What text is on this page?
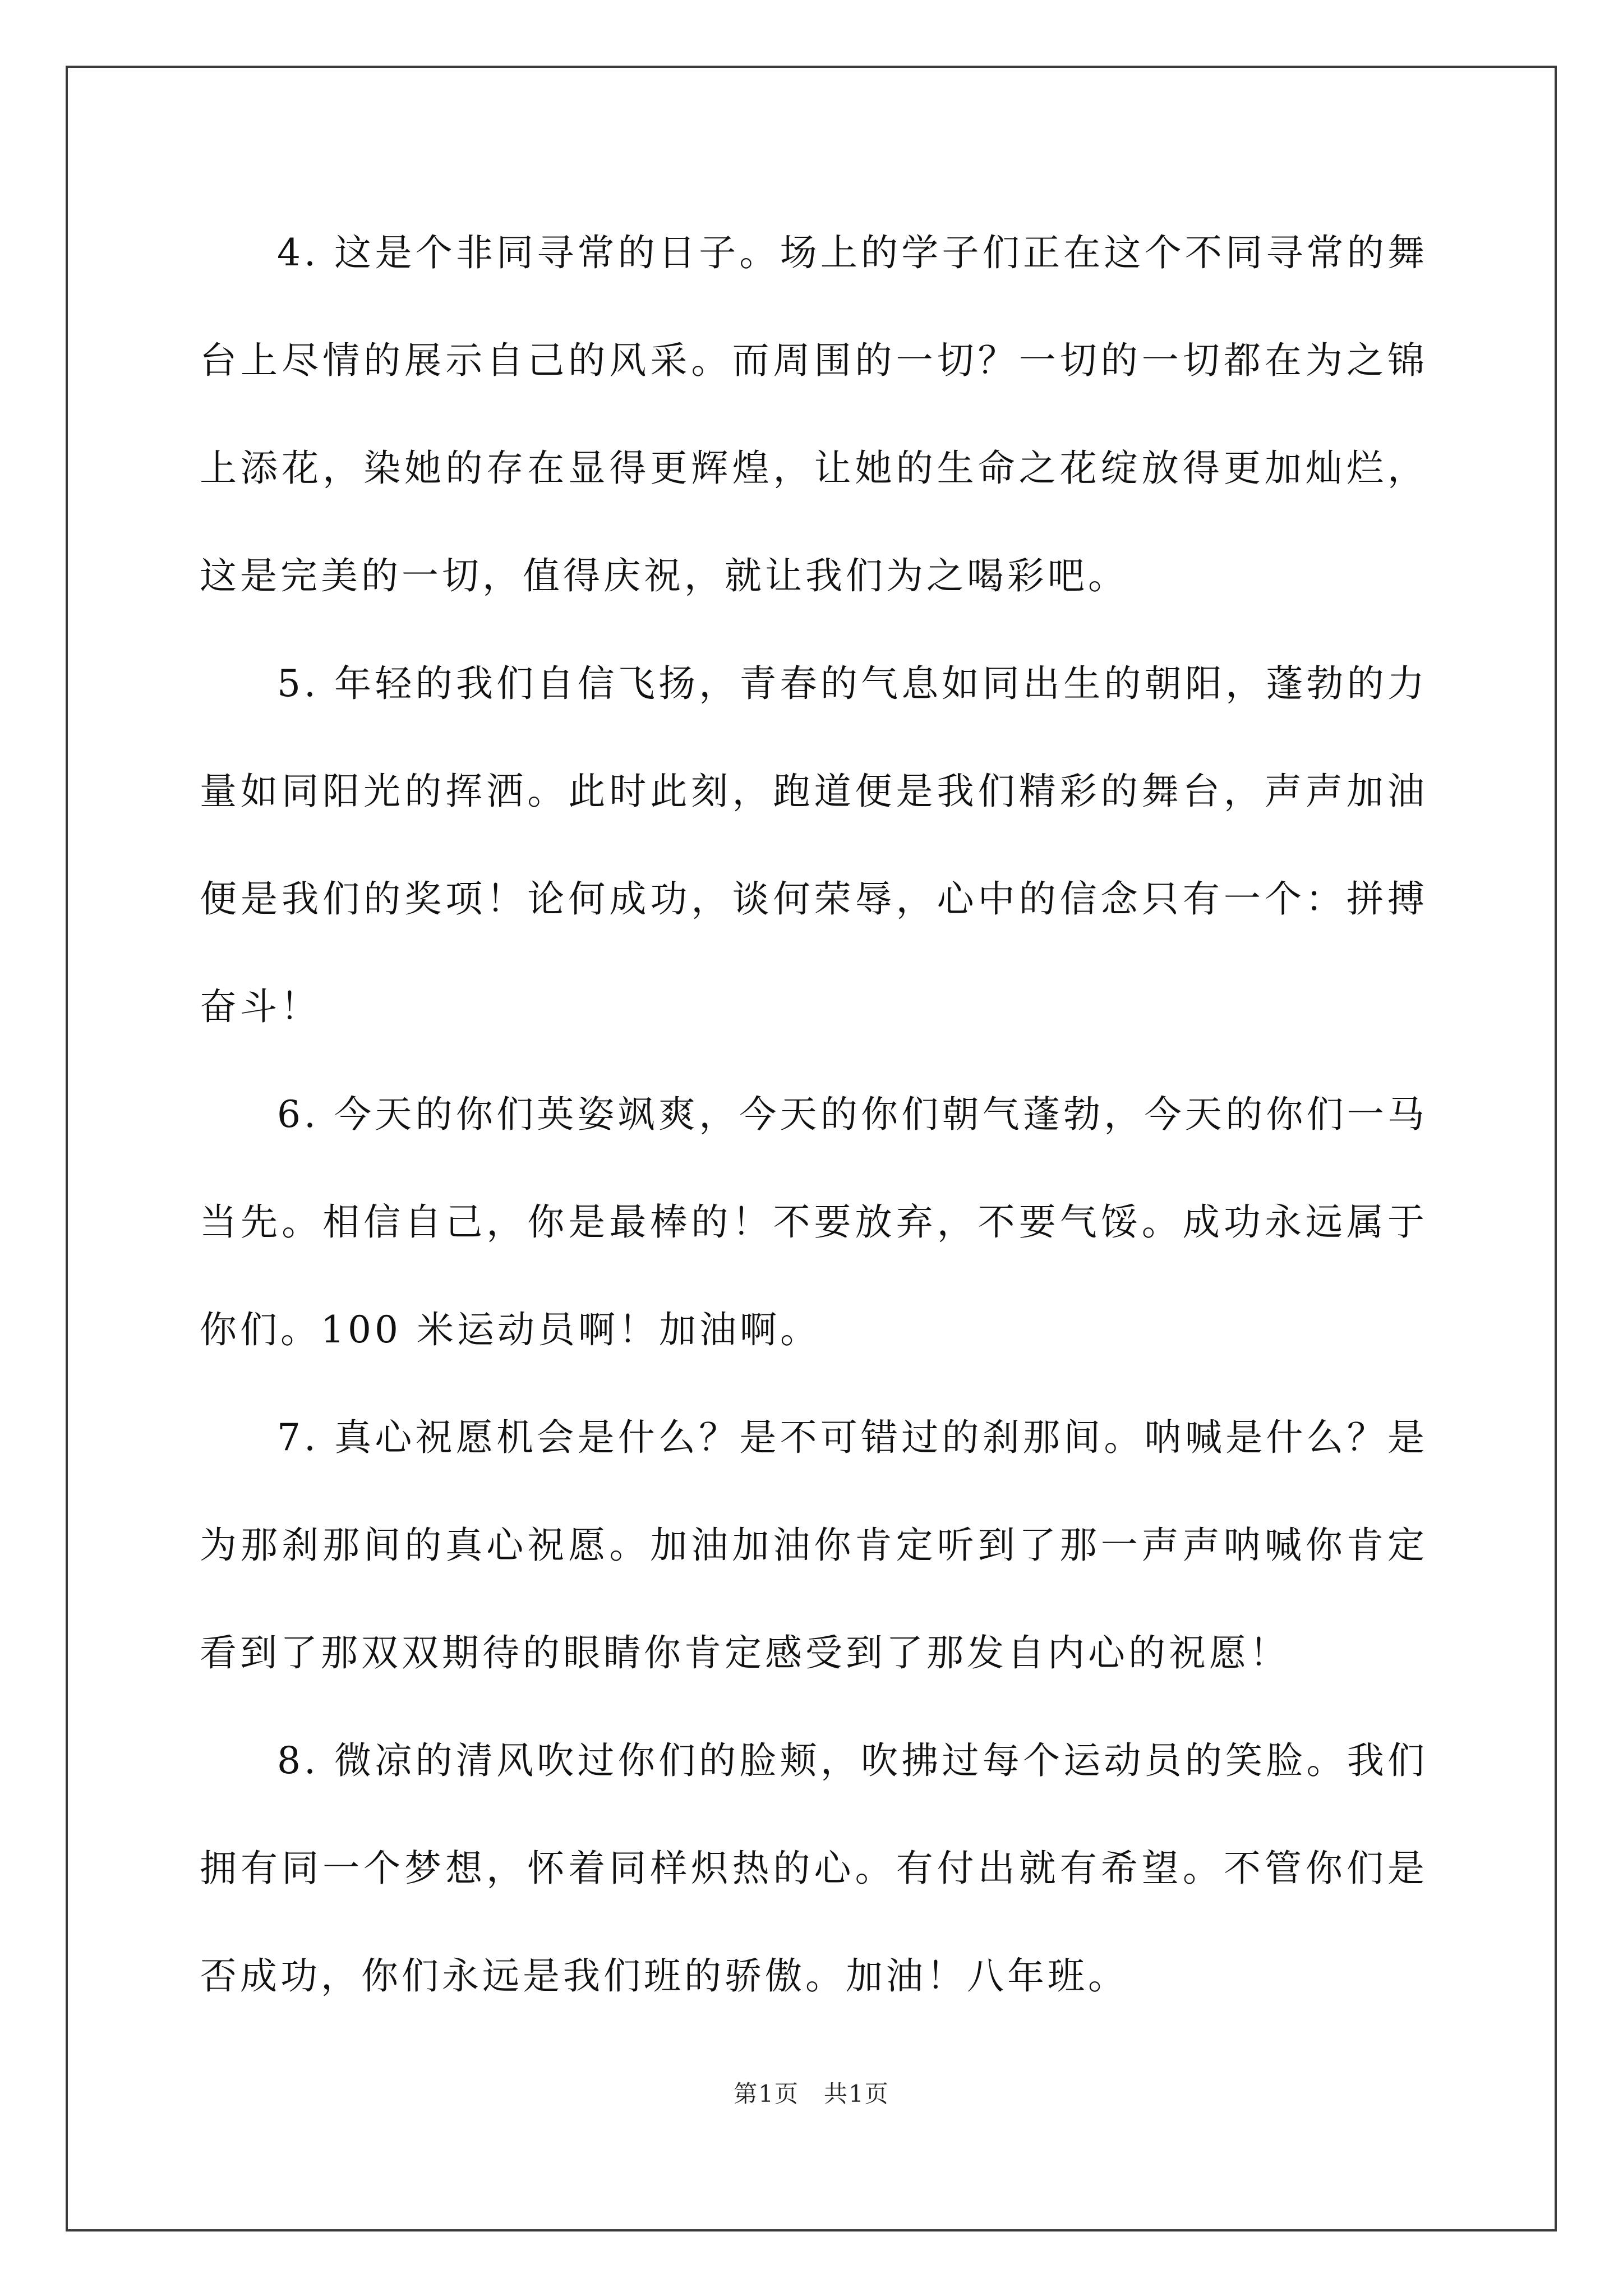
4. 这是个非同寻常的日子。场上的学子们正在这个不同寻常的舞台上尽情的展示自己的风采。而周围的一切？一切的一切都在为之锦上添花，染她的存在显得更辉煌，让她的生命之花绽放得更加灿烂，这是完美的一切，值得庆祝，就让我们为之喝彩吧。

5. 年轻的我们自信飞扬，青春的气息如同出生的朝阳，蓬勃的力量如同阳光的挥洒。此时此刻，跑道便是我们精彩的舞台，声声加油便是我们的奖项！论何成功，谈何荣辱，心中的信念只有一个：拼搏奋斗！

6. 今天的你们英姿飒爽，今天的你们朝气蓬勃，今天的你们一马当先。相信自己，你是最棒的！不要放弃，不要气馁。成功永远属于你们。100 米运动员啊！加油啊。

7. 真心祝愿机会是什么？是不可错过的刹那间。呐喊是什么？是为那刹那间的真心祝愿。加油加油你肯定听到了那一声声呐喊你肯定看到了那双双期待的眼睛你肯定感受到了那发自内心的祝愿！

8. 微凉的清风吹过你们的脸颊，吹拂过每个运动员的笑脸。我们拥有同一个梦想，怀着同样炽热的心。有付出就有希望。不管你们是否成功，你们永远是我们班的骄傲。加油！八年班。

第1页　共1页
